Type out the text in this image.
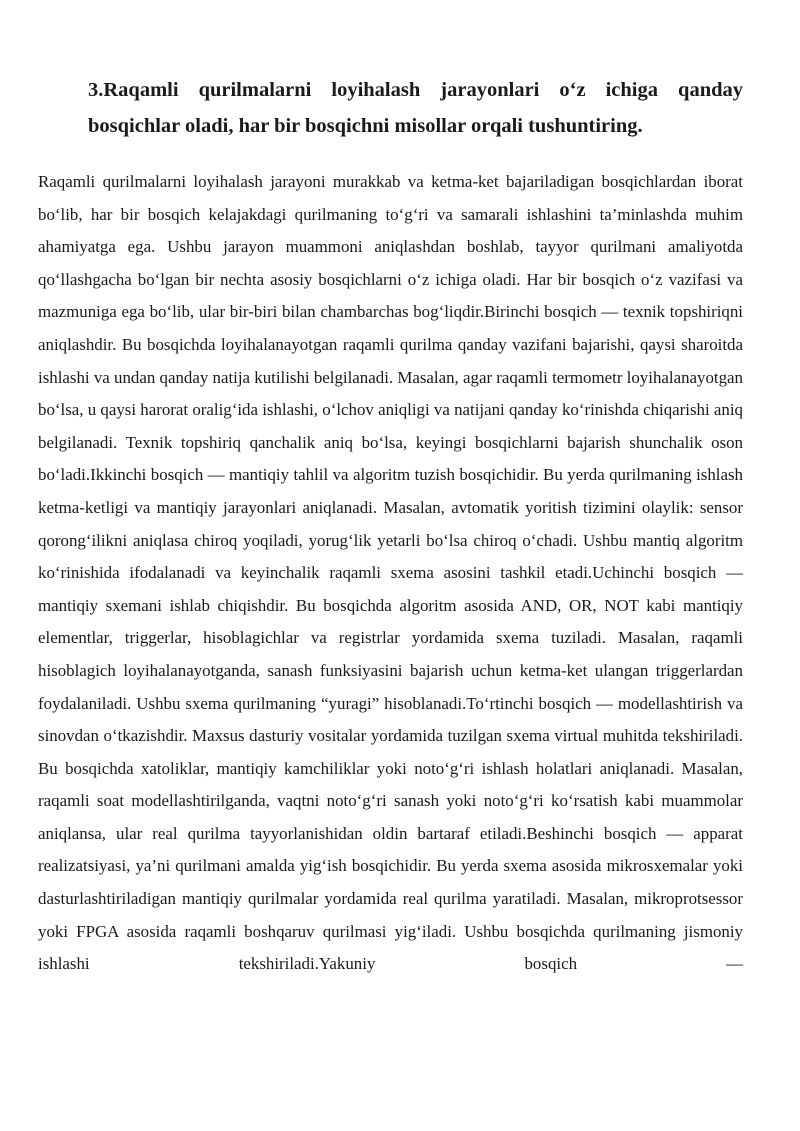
3.Raqamli qurilmalarni loyihalash jarayonlari o‘z ichiga qanday bosqichlar oladi, har bir bosqichni misollar orqali tushuntiring.

Raqamli qurilmalarni loyihalash jarayoni murakkab va ketma-ket bajariladigan bosqichlardan iborat bo‘lib, har bir bosqich kelajakdagi qurilmaning to‘g‘ri va samarali ishlashini ta’minlashda muhim ahamiyatga ega. Ushbu jarayon muammoni aniqlashdan boshlab, tayyor qurilmani amaliyotda qo‘llashgacha bo‘lgan bir nechta asosiy bosqichlarni o‘z ichiga oladi. Har bir bosqich o‘z vazifasi va mazmuniga ega bo‘lib, ular bir-biri bilan chambarchas bog‘liqdir.Birinchi bosqich — texnik topshiriqni aniqlashdir. Bu bosqichda loyihalanayotgan raqamli qurilma qanday vazifani bajarishi, qaysi sharoitda ishlashi va undan qanday natija kutilishi belgilanadi. Masalan, agar raqamli termometr loyihalanayotgan bo‘lsa, u qaysi harorat oralig‘ida ishlashi, o‘lchov aniqligi va natijani qanday ko‘rinishda chiqarishi aniq belgilanadi. Texnik topshiriq qanchalik aniq bo‘lsa, keyingi bosqichlarni bajarish shunchalik oson bo‘ladi.Ikkinchi bosqich — mantiqiy tahlil va algoritm tuzish bosqichidir. Bu yerda qurilmaning ishlash ketma-ketligi va mantiqiy jarayonlari aniqlanadi. Masalan, avtomatik yoritish tizimini olaylik: sensor qorong‘ilikni aniqlasa chiroq yoqiladi, yorug‘lik yetarli bo‘lsa chiroq o‘chadi. Ushbu mantiq algoritm ko‘rinishida ifodalanadi va keyinchalik raqamli sxema asosini tashkil etadi.Uchinchi bosqich — mantiqiy sxemani ishlab chiqishdir. Bu bosqichda algoritm asosida AND, OR, NOT kabi mantiqiy elementlar, triggerlar, hisoblagichlar va registrlar yordamida sxema tuziladi. Masalan, raqamli hisoblagich loyihalanayotganda, sanash funksiyasini bajarish uchun ketma-ket ulangan triggerlardan foydalaniladi. Ushbu sxema qurilmaning “yuragi” hisoblanadi.To‘rtinchi bosqich — modellashtirish va sinovdan o‘tkazishdir. Maxsus dasturiy vositalar yordamida tuzilgan sxema virtual muhitda tekshiriladi. Bu bosqichda xatoliklar, mantiqiy kamchiliklar yoki noto‘g‘ri ishlash holatlari aniqlanadi. Masalan, raqamli soat modellashtirilganda, vaqtni noto‘g‘ri sanash yoki noto‘g‘ri ko‘rsatish kabi muammolar aniqlansa, ular real qurilma tayyorlanishidan oldin bartaraf etiladi.Beshinchi bosqich — apparat realizatsiyasi, ya’ni qurilmani amalda yig‘ish bosqichidir. Bu yerda sxema asosida mikrosxemalar yoki dasturlashtiriladigan mantiqiy qurilmalar yordamida real qurilma yaratiladi. Masalan, mikroprotsessor yoki FPGA asosida raqamli boshqaruv qurilmasi yig‘iladi. Ushbu bosqichda qurilmaning jismoniy ishlashi tekshiriladi.Yakuniy bosqich —
